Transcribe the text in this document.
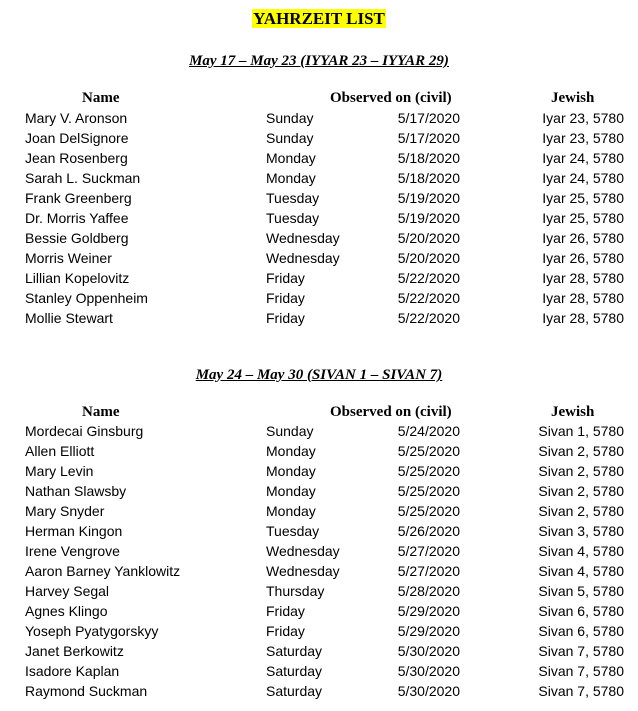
YAHRZEIT LIST
May 17 – May 23 (IYYAR 23 – IYYAR 29)
Name	Observed on (civil)	Jewish
Mary V. Aronson	Sunday	5/17/2020	Iyar 23, 5780
Joan DelSignore	Sunday	5/17/2020	Iyar 23, 5780
Jean Rosenberg	Monday	5/18/2020	Iyar 24, 5780
Sarah L. Suckman	Monday	5/18/2020	Iyar 24, 5780
Frank Greenberg	Tuesday	5/19/2020	Iyar 25, 5780
Dr. Morris Yaffee	Tuesday	5/19/2020	Iyar 25, 5780
Bessie Goldberg	Wednesday	5/20/2020	Iyar 26, 5780
Morris Weiner	Wednesday	5/20/2020	Iyar 26, 5780
Lillian Kopelovitz	Friday	5/22/2020	Iyar 28, 5780
Stanley Oppenheim	Friday	5/22/2020	Iyar 28, 5780
Mollie Stewart	Friday	5/22/2020	Iyar 28, 5780
May 24 – May 30 (SIVAN 1 – SIVAN 7)
Name	Observed on (civil)	Jewish
Mordecai Ginsburg	Sunday	5/24/2020	Sivan 1, 5780
Allen Elliott	Monday	5/25/2020	Sivan 2, 5780
Mary Levin	Monday	5/25/2020	Sivan 2, 5780
Nathan Slawsby	Monday	5/25/2020	Sivan 2, 5780
Mary Snyder	Monday	5/25/2020	Sivan 2, 5780
Herman Kingon	Tuesday	5/26/2020	Sivan 3, 5780
Irene Vengrove	Wednesday	5/27/2020	Sivan 4, 5780
Aaron Barney Yanklowitz	Wednesday	5/27/2020	Sivan 4, 5780
Harvey Segal	Thursday	5/28/2020	Sivan 5, 5780
Agnes Klingo	Friday	5/29/2020	Sivan 6, 5780
Yoseph Pyatygorskyy	Friday	5/29/2020	Sivan 6, 5780
Janet Berkowitz	Saturday	5/30/2020	Sivan 7, 5780
Isadore Kaplan	Saturday	5/30/2020	Sivan 7, 5780
Raymond Suckman	Saturday	5/30/2020	Sivan 7, 5780
